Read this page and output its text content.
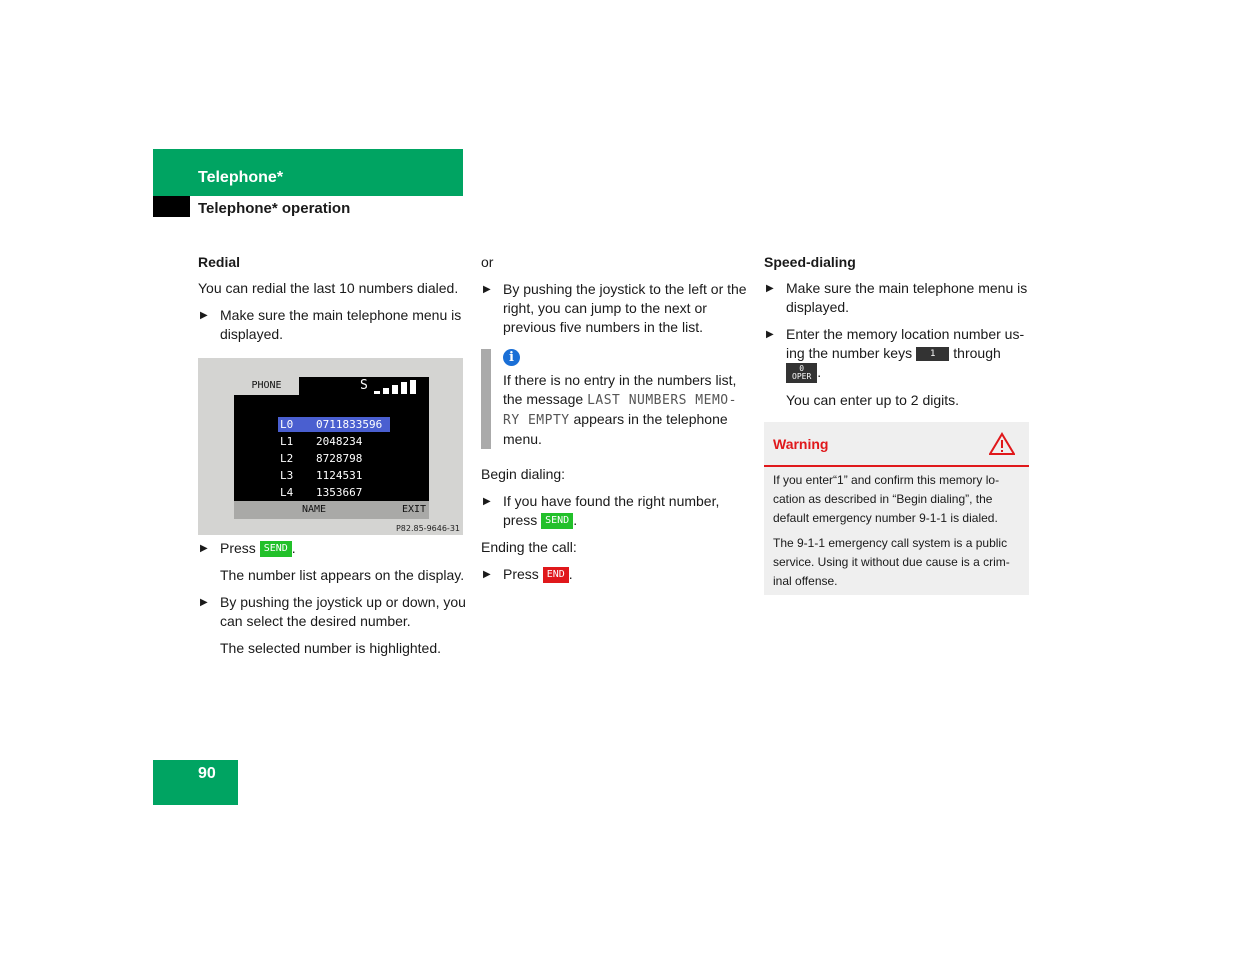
Telephone*
Telephone* operation
Redial
You can redial the last 10 numbers dialed.
▶ Make sure the main telephone menu is displayed.
PHONE	S
L0 0711833596
L1 2048234
L2 8728798
L3 1124531
L4 1353667
NAME	EXIT
P82.85-9646-31
▶ Press SEND .
The number list appears on the display.
▶ By pushing the joystick up or down, you can select the desired number.
The selected number is highlighted.
or
▶ By pushing the joystick to the left or the right, you can jump to the next or previous five numbers in the list.
i
If there is no entry in the numbers list, the message LAST NUMBERS MEMO-RY EMPTY appears in the telephone menu.
Begin dialing:
▶ If you have found the right number, press SEND .
Ending the call:
▶ Press END .
Speed-dialing
▶ Make sure the main telephone menu is displayed.
▶ Enter the memory location number us-ing the number keys 1 through 0
OPER .
You can enter up to 2 digits.
Warning

If you enter“1” and confirm this memory lo-cation as described in “Begin dialing”, the default emergency number 9-1-1 is dialed.

The 9-1-1 emergency call system is a public service. Using it without due cause is a crim-inal offense.

90
